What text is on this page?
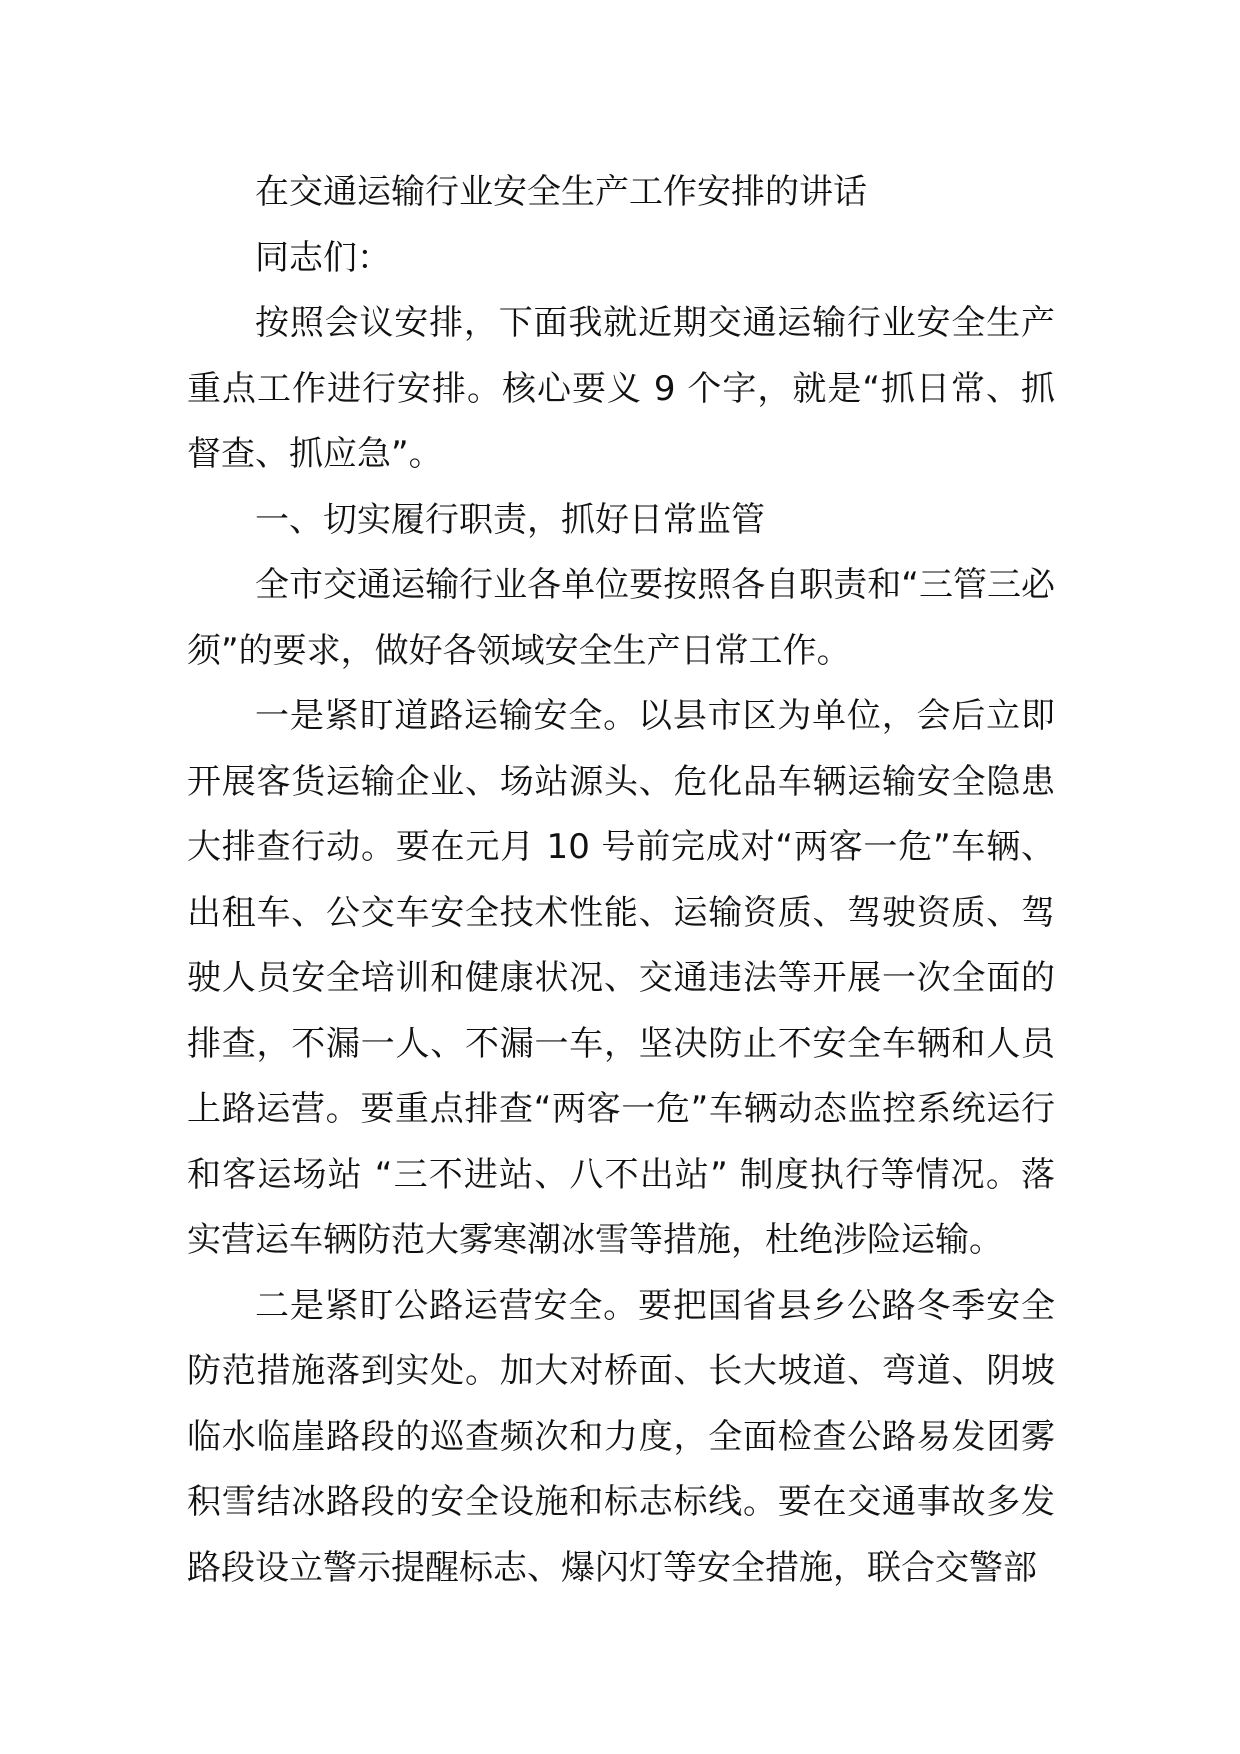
在交通运输行业安全生产工作安排的讲话

同志们：

按照会议安排，下面我就近期交通运输行业安全生产重点工作进行安排。核心要义 9 个字，就是“抓日常、抓督查、抓应急”。

一、切实履行职责，抓好日常监管

全市交通运输行业各单位要按照各自职责和“三管三必须”的要求，做好各领域安全生产日常工作。

一是紧盯道路运输安全。以县市区为单位，会后立即开展客货运输企业、场站源头、危化品车辆运输安全隐患大排查行动。要在元月 10 号前完成对“两客一危”车辆、出租车、公交车安全技术性能、运输资质、驾驶资质、驾驶人员安全培训和健康状况、交通违法等开展一次全面的排查，不漏一人、不漏一车，坚决防止不安全车辆和人员上路运营。要重点排查“两客一危”车辆动态监控系统运行和客运场站 “三不进站、八不出站” 制度执行等情况。落实营运车辆防范大雾寒潮冰雪等措施，杜绝涉险运输。

二是紧盯公路运营安全。要把国省县乡公路冬季安全防范措施落到实处。加大对桥面、长大坡道、弯道、阴坡临水临崖路段的巡查频次和力度，全面检查公路易发团雾积雪结冰路段的安全设施和标志标线。要在交通事故多发路段设立警示提醒标志、爆闪灯等安全措施，联合交警部
